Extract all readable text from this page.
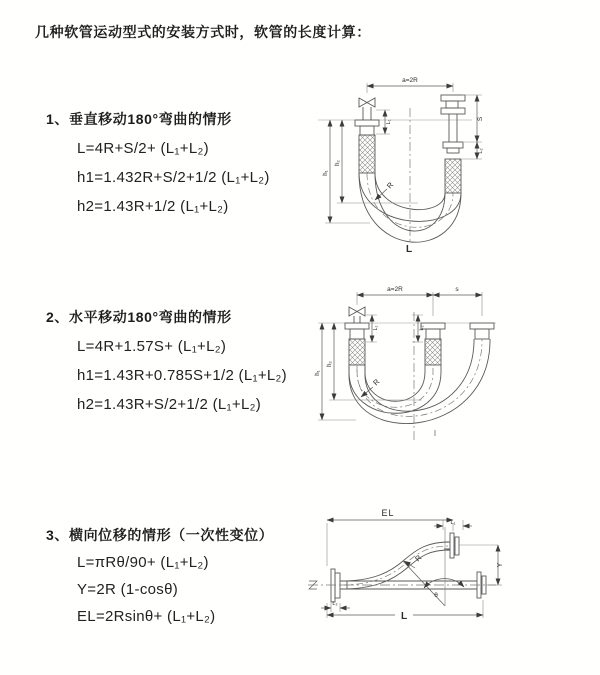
几种软管运动型式的安装方式时，软管的长度计算：
1、垂直移动180°弯曲的情形
L=4R+S/2+ (L₁+L₂)
h1=1.432R+S/2+1/2 (L₁+L₂)
h2=1.43R+1/2 (L₁+L₂)
2、水平移动180°弯曲的情形
L=4R+1.57S+ (L₁+L₂)
h1=1.43R+0.785S+1/2 (L₁+L₂)
h2=1.43R+S/2+1/2 (L₁+L₂)
3、横向位移的情形（一次性变位）
L=πRθ/90+ (L₁+L₂)
Y=2R (1-cosθ)
EL=2Rsinθ+ (L₁+L₂)
a=2R
h₁
h₂
L₁
S
L₂
R
L
a=2R	s
h₁
h₂
L₁	L₂
R
EL
L₁
Y
R
θ
L
L₂
